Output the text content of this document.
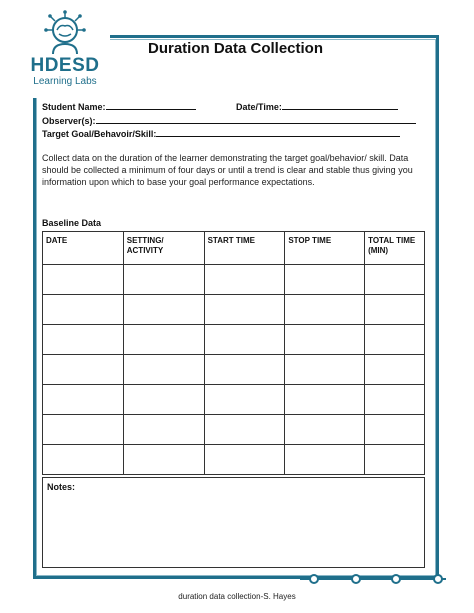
HDESD
Learning Labs
Duration Data Collection
Student Name:	Date/Time:
Observer(s):
Target Goal/Behavoir/Skill:
Collect data on the duration of the learner demonstrating the target goal/behavior/ skill. Data should be collected a minimum of four days or until a trend is clear and stable thus giving you information upon which to base your goal performance expectations.
Baseline Data
DATE	SETTING/ ACTIVITY	START TIME	STOP TIME	TOTAL TIME (MIN)

Notes:
duration data collection-S. Hayes
